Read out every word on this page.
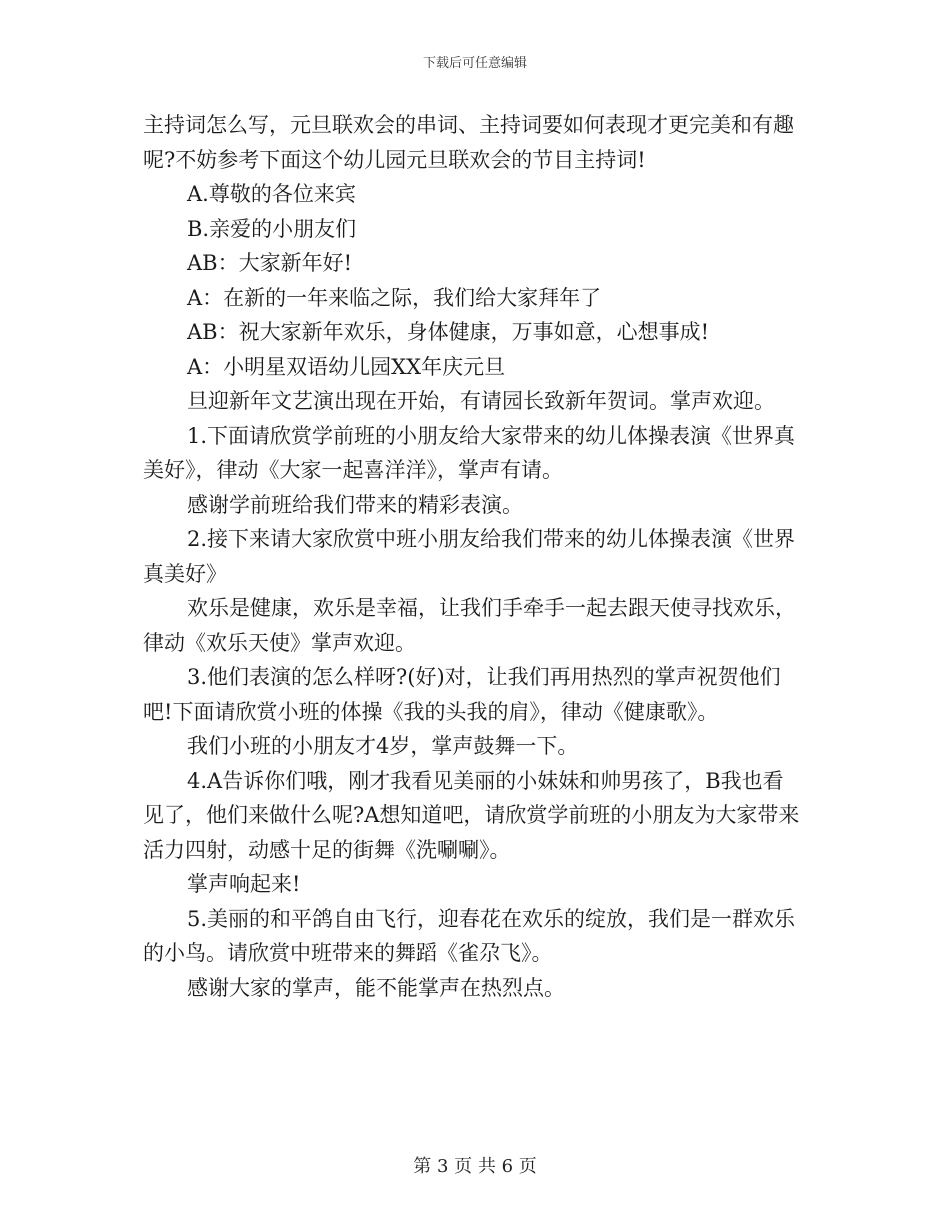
下载后可任意编辑

主持词怎么写，元旦联欢会的串词、主持词要如何表现才更完美和有趣呢?不妨参考下面这个幼儿园元旦联欢会的节目主持词!

A.尊敬的各位来宾

B.亲爱的小朋友们

AB：大家新年好!

A：在新的一年来临之际，我们给大家拜年了

AB：祝大家新年欢乐，身体健康，万事如意，心想事成!

A：小明星双语幼儿园XX年庆元旦

旦迎新年文艺演出现在开始，有请园长致新年贺词。掌声欢迎。

1.下面请欣赏学前班的小朋友给大家带来的幼儿体操表演《世界真美好》，律动《大家一起喜洋洋》，掌声有请。

感谢学前班给我们带来的精彩表演。

2.接下来请大家欣赏中班小朋友给我们带来的幼儿体操表演《世界真美好》

欢乐是健康，欢乐是幸福，让我们手牵手一起去跟天使寻找欢乐，律动《欢乐天使》掌声欢迎。

3.他们表演的怎么样呀?(好)对，让我们再用热烈的掌声祝贺他们吧!下面请欣赏小班的体操《我的头我的肩》，律动《健康歌》。

我们小班的小朋友才4岁，掌声鼓舞一下。

4.A告诉你们哦，刚才我看见美丽的小妹妹和帅男孩了，B我也看见了，他们来做什么呢?A想知道吧，请欣赏学前班的小朋友为大家带来活力四射，动感十足的街舞《洗唰唰》。

掌声响起来!

5.美丽的和平鸽自由飞行，迎春花在欢乐的绽放，我们是一群欢乐的小鸟。请欣赏中班带来的舞蹈《雀尕飞》。

感谢大家的掌声，能不能掌声在热烈点。

第 3 页 共 6 页
